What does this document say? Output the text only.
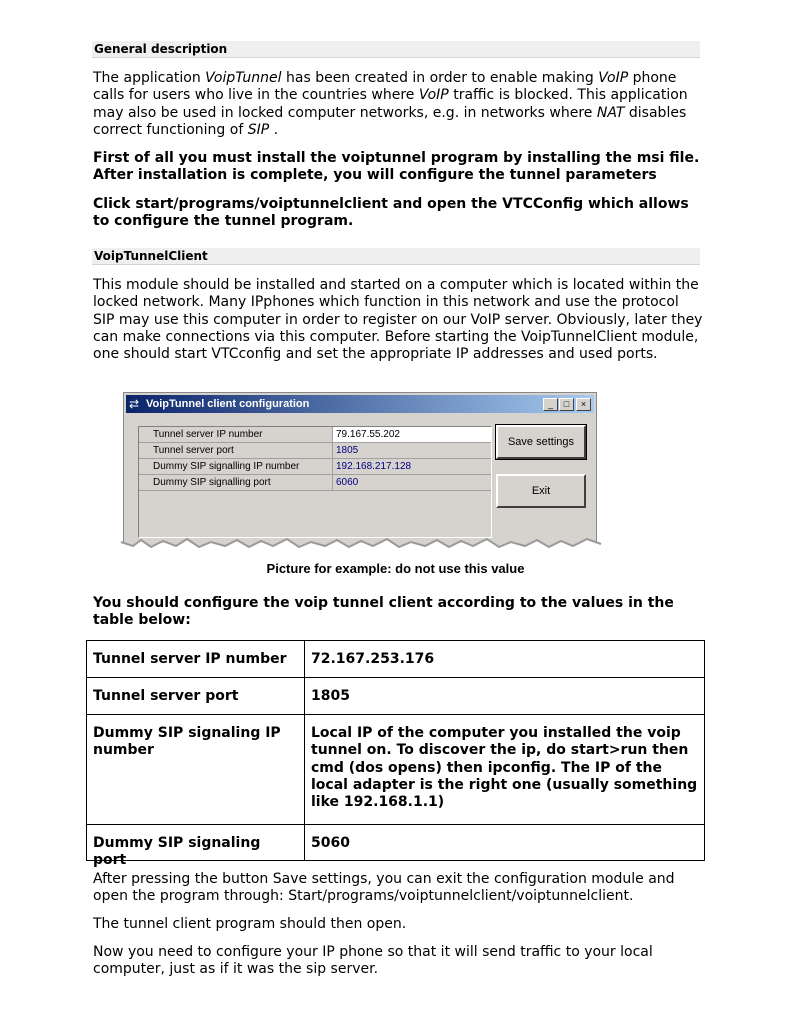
General description

The application VoipTunnel has been created in order to enable making VoIP phone calls for users who live in the countries where VoIP traffic is blocked. This application may also be used in locked computer networks, e.g. in networks where NAT disables correct functioning of SIP .

First of all you must install the voiptunnel program by installing the msi file. After installation is complete, you will configure the tunnel parameters

Click start/programs/voiptunnelclient and open the VTCConfig which allows to configure the tunnel program.

VoipTunnelClient

This module should be installed and started on a computer which is located within the locked network. Many IPphones which function in this network and use the protocol SIP may use this computer in order to register on our VoIP server. Obviously, later they can make connections via this computer. Before starting the VoipTunnelClient module, one should start VTCconfig and set the appropriate IP addresses and used ports.

⇄ VoipTunnel client configuration	_	□	×
Tunnel server IP number	79.167.55.202
Tunnel server port	1805
Dummy SIP signalling IP number	192.168.217.128
Dummy SIP signalling port	6060
Save settings
Exit
Picture for example: do not use this value

You should configure the voip tunnel client according to the values in the table below:

Tunnel server IP number	72.167.253.176
Tunnel server port	1805
Dummy SIP signaling IP number	Local IP of the computer you installed the voip tunnel on. To discover the ip, do start>run then cmd (dos opens) then ipconfig. The IP of the local adapter is the right one (usually something like 192.168.1.1)

Dummy SIP signaling port	5060

After pressing the button Save settings, you can exit the configuration module and open the program through: Start/programs/voiptunnelclient/voiptunnelclient.

The tunnel client program should then open.

Now you need to configure your IP phone so that it will send traffic to your local computer, just as if it was the sip server.
